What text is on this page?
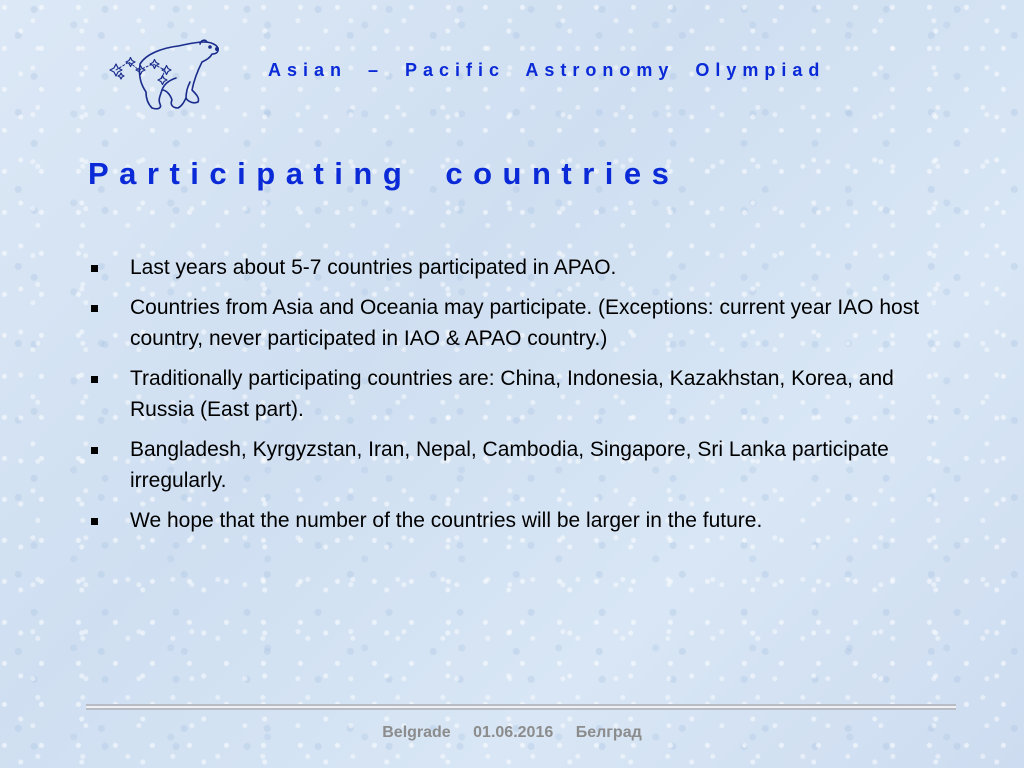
Asian – Pacific Astronomy Olympiad
Participating countries
Last years about 5-7 countries participated in APAO.
Countries from Asia and Oceania may participate. (Exceptions: current year IAO host country, never participated in IAO & APAO country.)
Traditionally participating countries are: China, Indonesia, Kazakhstan, Korea, and Russia (East part).
Bangladesh, Kyrgyzstan, Iran, Nepal, Cambodia, Singapore, Sri Lanka participate irregularly.
We hope that the number of the countries will be larger in the future.
Belgrade 01.06.2016 Белград
